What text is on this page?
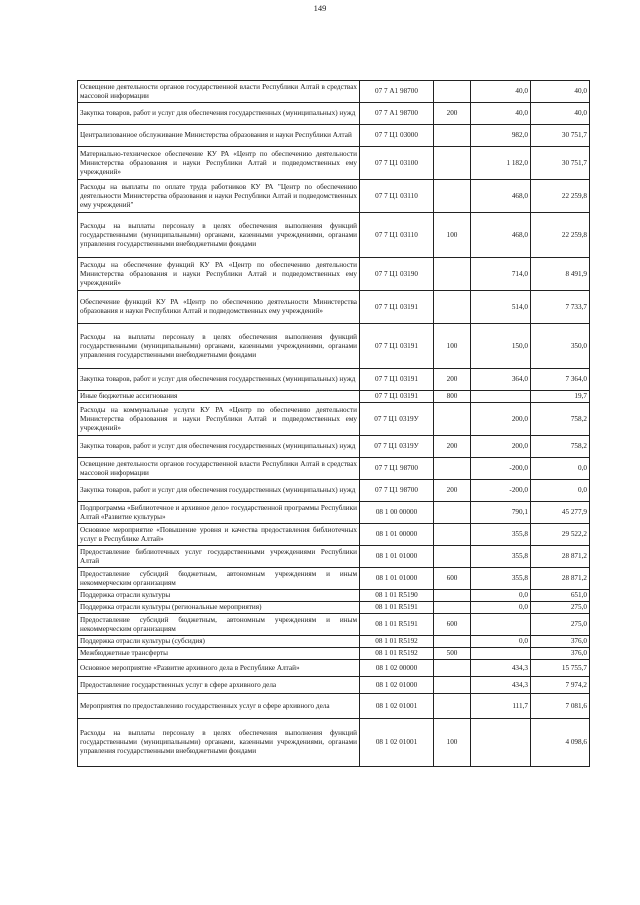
149
Освещение деятельности органов государственной власти Республики Алтай в средствах массовой информации	07 7 А1 98700		40,0	40,0
Закупка товаров, работ и услуг для обеспечения государственных (муниципальных) нужд	07 7 А1 98700	200	40,0	40,0
Централизованное обслуживание Министерства образования и науки Республики Алтай	07 7 Ц1 03000		982,0	30 751,7
Материально-техническое обеспечение КУ РА «Центр по обеспечению деятельности Министерства образования и науки Республики Алтай и подведомственных ему учреждений»	07 7 Ц1 03100		1 182,0	30 751,7
Расходы на выплаты по оплате труда работников КУ РА "Центр по обеспечению деятельности Министерства образования и науки Республики Алтай и подведомственных ему учреждений"	07 7 Ц1 03110		468,0	22 259,8
Расходы на выплаты персоналу в целях обеспечения выполнения функций государственными (муниципальными) органами, казенными учреждениями, органами управления государственными внебюджетными фондами	07 7 Ц1 03110	100	468,0	22 259,8
Расходы на обеспечение функций КУ РА «Центр по обеспечению деятельности Министерства образования и науки Республики Алтай и подведомственных ему учреждений»	07 7 Ц1 03190		714,0	8 491,9
Обеспечение функций КУ РА «Центр по обеспечению деятельности Министерства образования и науки Республики Алтай и подведомственных ему учреждений»	07 7 Ц1 03191		514,0	7 733,7
Расходы на выплаты персоналу в целях обеспечения выполнения функций государственными (муниципальными) органами, казенными учреждениями, органами управления государственными внебюджетными фондами	07 7 Ц1 03191	100	150,0	350,0
Закупка товаров, работ и услуг для обеспечения государственных (муниципальных) нужд	07 7 Ц1 03191	200	364,0	7 364,0
Иные бюджетные ассигнования	07 7 Ц1 03191	800		19,7
Расходы на коммунальные услуги КУ РА «Центр по обеспечению деятельности Министерства образования и науки Республики Алтай и подведомственных ему учреждений»	07 7 Ц1 0319У		200,0	758,2
Закупка товаров, работ и услуг для обеспечения государственных (муниципальных) нужд	07 7 Ц1 0319У	200	200,0	758,2
Освещение деятельности органов государственной власти Республики Алтай в средствах массовой информации	07 7 Ц1 98700		-200,0	0,0
Закупка товаров, работ и услуг для обеспечения государственных (муниципальных) нужд	07 7 Ц1 98700	200	-200,0	0,0
Подпрограмма «Библиотечное и архивное дело» государственной программы Республики Алтай «Развитие культуры»	08 1 00 00000		790,1	45 277,9
Основное мероприятие «Повышение уровня и качества предоставления библиотечных услуг в Республике Алтай»	08 1 01 00000		355,8	29 522,2
Предоставление библиотечных услуг государственными учреждениями Республики Алтай	08 1 01 01000		355,8	28 871,2
Предоставление субсидий бюджетным, автономным учреждениям и иным некоммерческим организациям	08 1 01 01000	600	355,8	28 871,2
Поддержка отрасли культуры	08 1 01 R5190		0,0	651,0
Поддержка отрасли культуры (региональные мероприятия)	08 1 01 R5191		0,0	275,0
Предоставление субсидий бюджетным, автономным учреждениям и иным некоммерческим организациям	08 1 01 R5191	600		275,0
Поддержка отрасли культуры (субсидия)	08 1 01 R5192		0,0	376,0
Межбюджетные трансферты	08 1 01 R5192	500		376,0
Основное мероприятие «Развитие архивного дела в Республике Алтай»	08 1 02 00000		434,3	15 755,7
Предоставление государственных услуг в сфере архивного дела	08 1 02 01000		434,3	7 974,2
Мероприятия по предоставлению государственных услуг в сфере архивного дела	08 1 02 01001		111,7	7 081,6
Расходы на выплаты персоналу в целях обеспечения выполнения функций государственными (муниципальными) органами, казенными учреждениями, органами управления государственными внебюджетными фондами	08 1 02 01001	100		4 098,6
